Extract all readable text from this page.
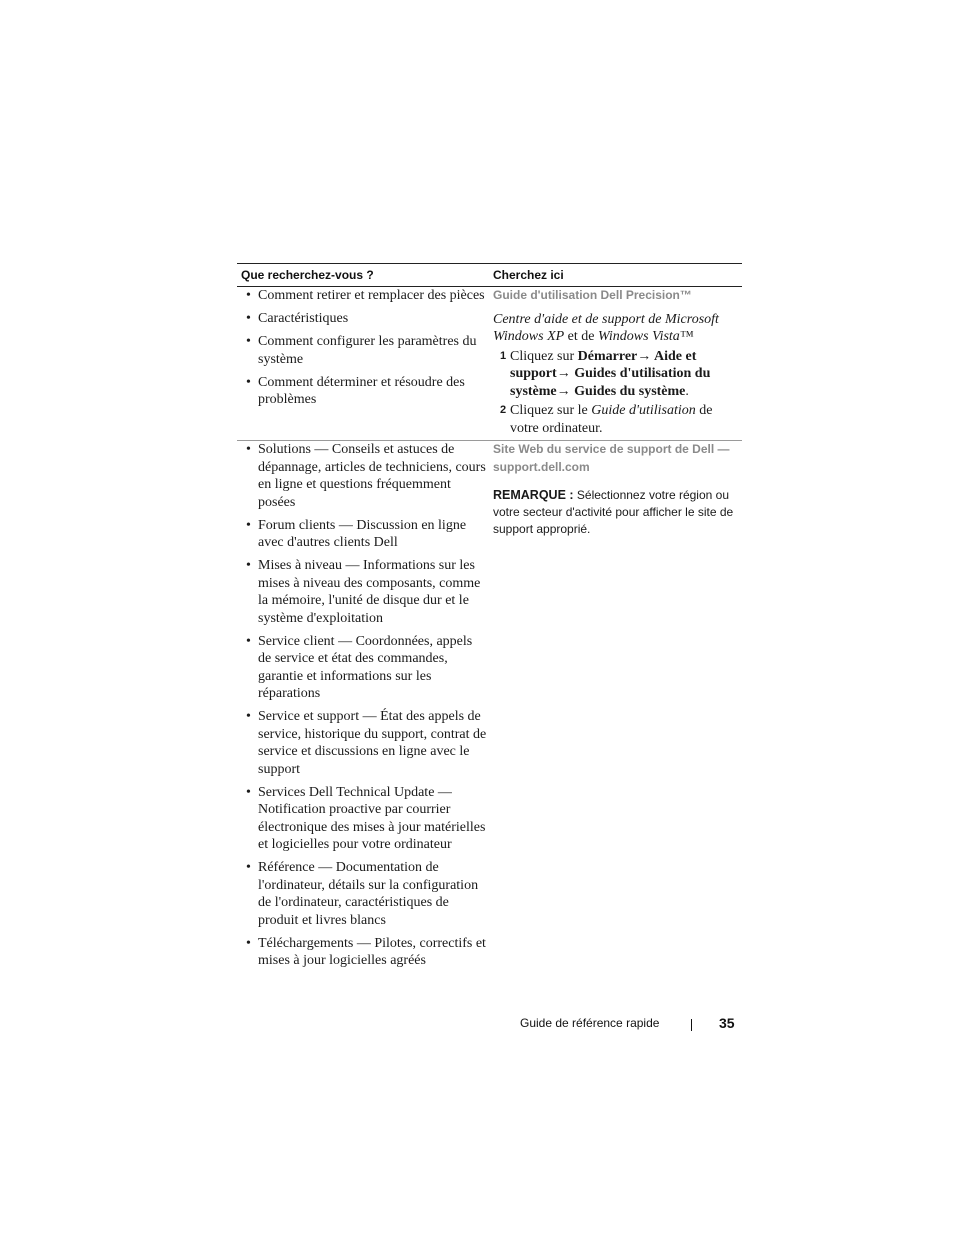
Que recherchez-vous ?	Cherchez ici
• Comment retirer et remplacer des pièces
• Caractéristiques
• Comment configurer les paramètres du système
• Comment déterminer et résoudre des problèmes
Guide d'utilisation Dell Precision™
Centre d'aide et de support de Microsoft Windows XP et de Windows Vista™
1 Cliquez sur Démarrer→ Aide et support→ Guides d'utilisation du système→ Guides du système.
2 Cliquez sur le Guide d'utilisation de votre ordinateur.
• Solutions — Conseils et astuces de dépannage, articles de techniciens, cours en ligne et questions fréquemment posées
• Forum clients — Discussion en ligne avec d'autres clients Dell
• Mises à niveau — Informations sur les mises à niveau des composants, comme la mémoire, l'unité de disque dur et le système d'exploitation
• Service client — Coordonnées, appels de service et état des commandes, garantie et informations sur les réparations
• Service et support — État des appels de service, historique du support, contrat de service et discussions en ligne avec le support
• Services Dell Technical Update — Notification proactive par courrier électronique des mises à jour matérielles et logicielles pour votre ordinateur
• Référence — Documentation de l'ordinateur, détails sur la configuration de l'ordinateur, caractéristiques de produit et livres blancs
• Téléchargements — Pilotes, correctifs et mises à jour logicielles agréés
Site Web du service de support de Dell — support.dell.com
REMARQUE : Sélectionnez votre région ou votre secteur d'activité pour afficher le site de support approprié.
Guide de référence rapide	35
